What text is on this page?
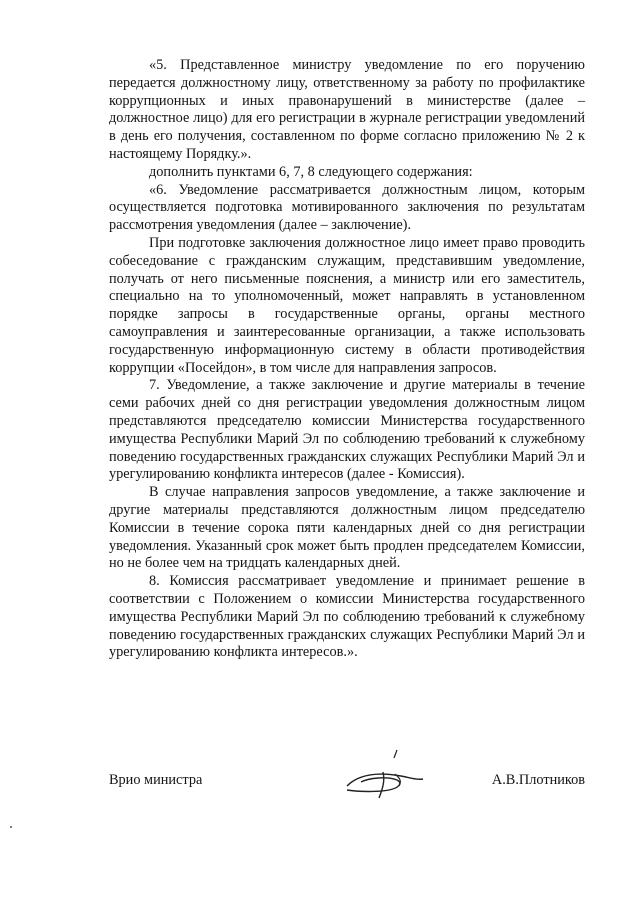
«5. Представленное министру уведомление по его поручению передается должностному лицу, ответственному за работу по профилактике коррупционных и иных правонарушений в министерстве (далее – должностное лицо) для его регистрации в журнале регистрации уведомлений в день его получения, составленном по форме согласно приложению № 2 к настоящему Порядку.».

дополнить пунктами 6, 7, 8 следующего содержания:

«6. Уведомление рассматривается должностным лицом, которым осуществляется подготовка мотивированного заключения по результатам рассмотрения уведомления (далее – заключение).

При подготовке заключения должностное лицо имеет право проводить собеседование с гражданским служащим, представившим уведомление, получать от него письменные пояснения, а министр или его заместитель, специально на то уполномоченный, может направлять в установленном порядке запросы в государственные органы, органы местного самоуправления и заинтересованные организации, а также использовать государственную информационную систему в области противодействия коррупции «Посейдон», в том числе для направления запросов.

7. Уведомление, а также заключение и другие материалы в течение семи рабочих дней со дня регистрации уведомления должностным лицом представляются председателю комиссии Министерства государственного имущества Республики Марий Эл по соблюдению требований к служебному поведению государственных гражданских служащих Республики Марий Эл и урегулированию конфликта интересов (далее - Комиссия).

В случае направления запросов уведомление, а также заключение и другие материалы представляются должностным лицом председателю Комиссии в течение сорока пяти календарных дней со дня регистрации уведомления. Указанный срок может быть продлен председателем Комиссии, но не более чем на тридцать календарных дней.

8. Комиссия рассматривает уведомление и принимает решение в соответствии с Положением о комиссии Министерства государственного имущества Республики Марий Эл по соблюдению требований к служебному поведению государственных гражданских служащих Республики Марий Эл и урегулированию конфликта интересов.».

Врио министра	А.В.Плотников
